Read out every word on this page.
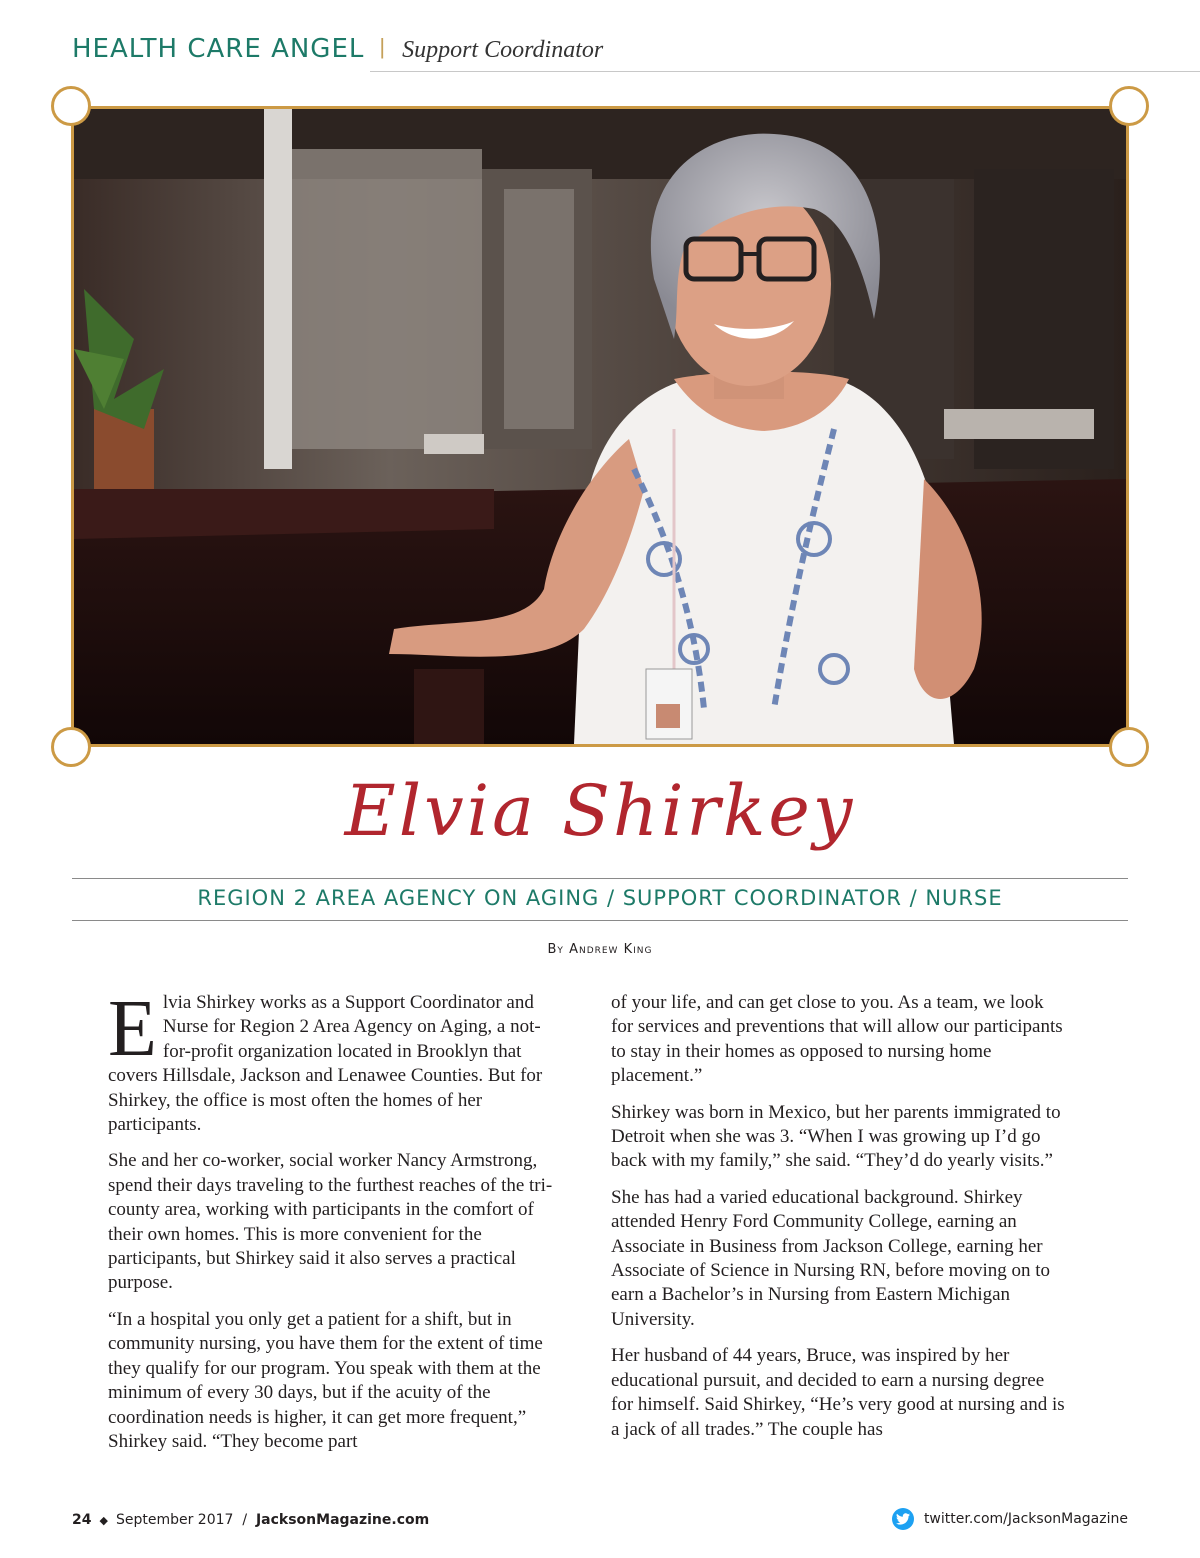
HEALTH CARE ANGEL | Support Coordinator
Elvia Shirkey
REGION 2 AREA AGENCY ON AGING / SUPPORT COORDINATOR / NURSE
By Andrew King

Elvia Shirkey works as a Support Coordinator and Nurse for Region 2 Area Agency on Aging, a not-for-profit organization located in Brooklyn that covers Hillsdale, Jackson and Lenawee Counties. But for Shirkey, the office is most often the homes of her participants.

She and her co-worker, social worker Nancy Armstrong, spend their days traveling to the furthest reaches of the tri-county area, working with participants in the comfort of their own homes. This is more convenient for the participants, but Shirkey said it also serves a practical purpose.

“In a hospital you only get a patient for a shift, but in community nursing, you have them for the extent of time they qualify for our program. You speak with them at the minimum of every 30 days, but if the acuity of the coordination needs is higher, it can get more frequent,” Shirkey said. “They become part

of your life, and can get close to you. As a team, we look for services and preventions that will allow our participants to stay in their homes as opposed to nursing home placement.”

Shirkey was born in Mexico, but her parents immigrated to Detroit when she was 3. “When I was growing up I’d go back with my family,” she said. “They’d do yearly visits.”

She has had a varied educational background. Shirkey attended Henry Ford Community College, earning an Associate in Business from Jackson College, earning her Associate of Science in Nursing RN, before moving on to earn a Bachelor’s in Nursing from Eastern Michigan University.

Her husband of 44 years, Bruce, was inspired by her educational pursuit, and decided to earn a nursing degree for himself. Said Shirkey, “He’s very good at nursing and is a jack of all trades.” The couple has

24 ◆ September 2017 / JacksonMagazine.com	twitter.com/JacksonMagazine
